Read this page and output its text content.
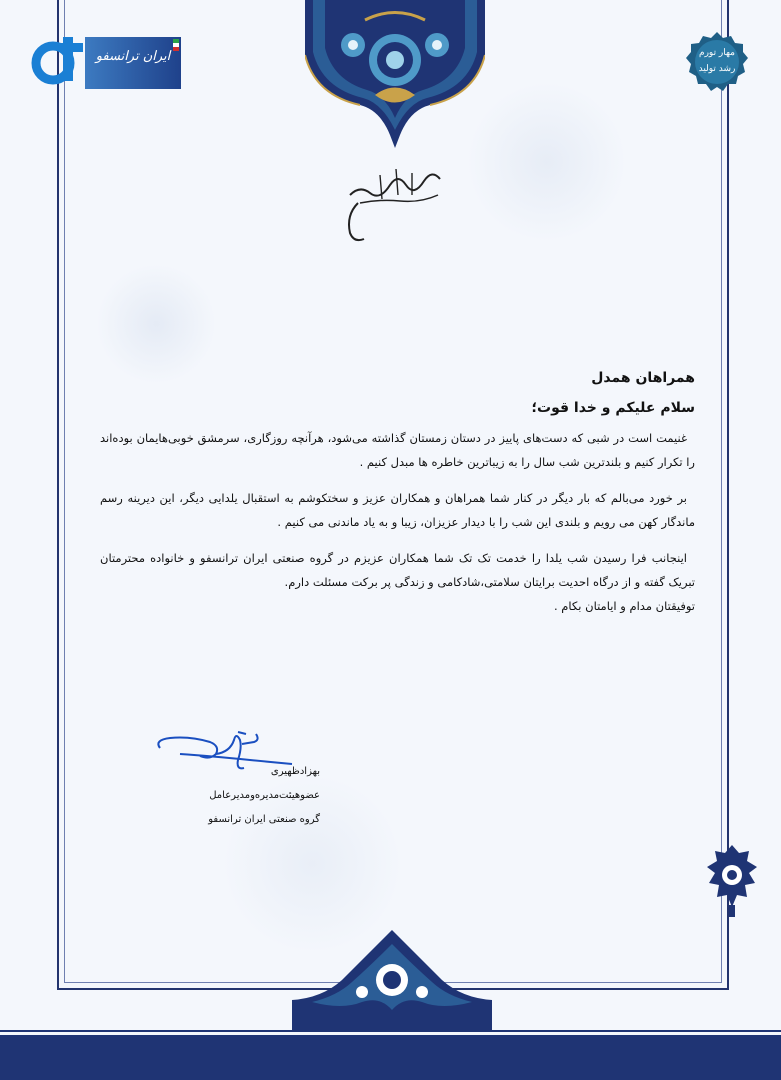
ایران ترانسفو	مهار تورم
رشد تولید

همراهان همدل

سلام علیکم و خدا قوت؛

غنیمت است در شبی که دست‌های پاییز در دستان زمستان گذاشته می‌شود، هرآنچه روزگاری، سرمشق خوبی‌هایمان بوده‌اند را تکرار کنیم و بلندترین شب سال را به زیباترین خاطره ها مبدل کنیم .

بر خورد می‌بالم که بار دیگر در کنار شما همراهان و همکاران عزیز و سختکوشم به استقبال یلدایی دیگر، این دیرینه رسم ماندگار کهن می رویم و بلندی این شب را با دیدار عزیزان، زیبا و به یاد ماندنی می کنیم .

اینجانب فرا رسیدن شب یلدا را خدمت تک تک شما همکاران عزیزم در گروه صنعتی ایران ترانسفو و خانواده محترمتان تبریک گفته و از درگاه احدیت برایتان سلامتی،شادکامی و زندگی پر برکت مسئلت دارم.

توفیقتان مدام و ایامتان بکام .

بهزادظهیری
عضوهیئت‌مدیره‌ومدیرعامل
گروه صنعتی ایران ترانسفو
